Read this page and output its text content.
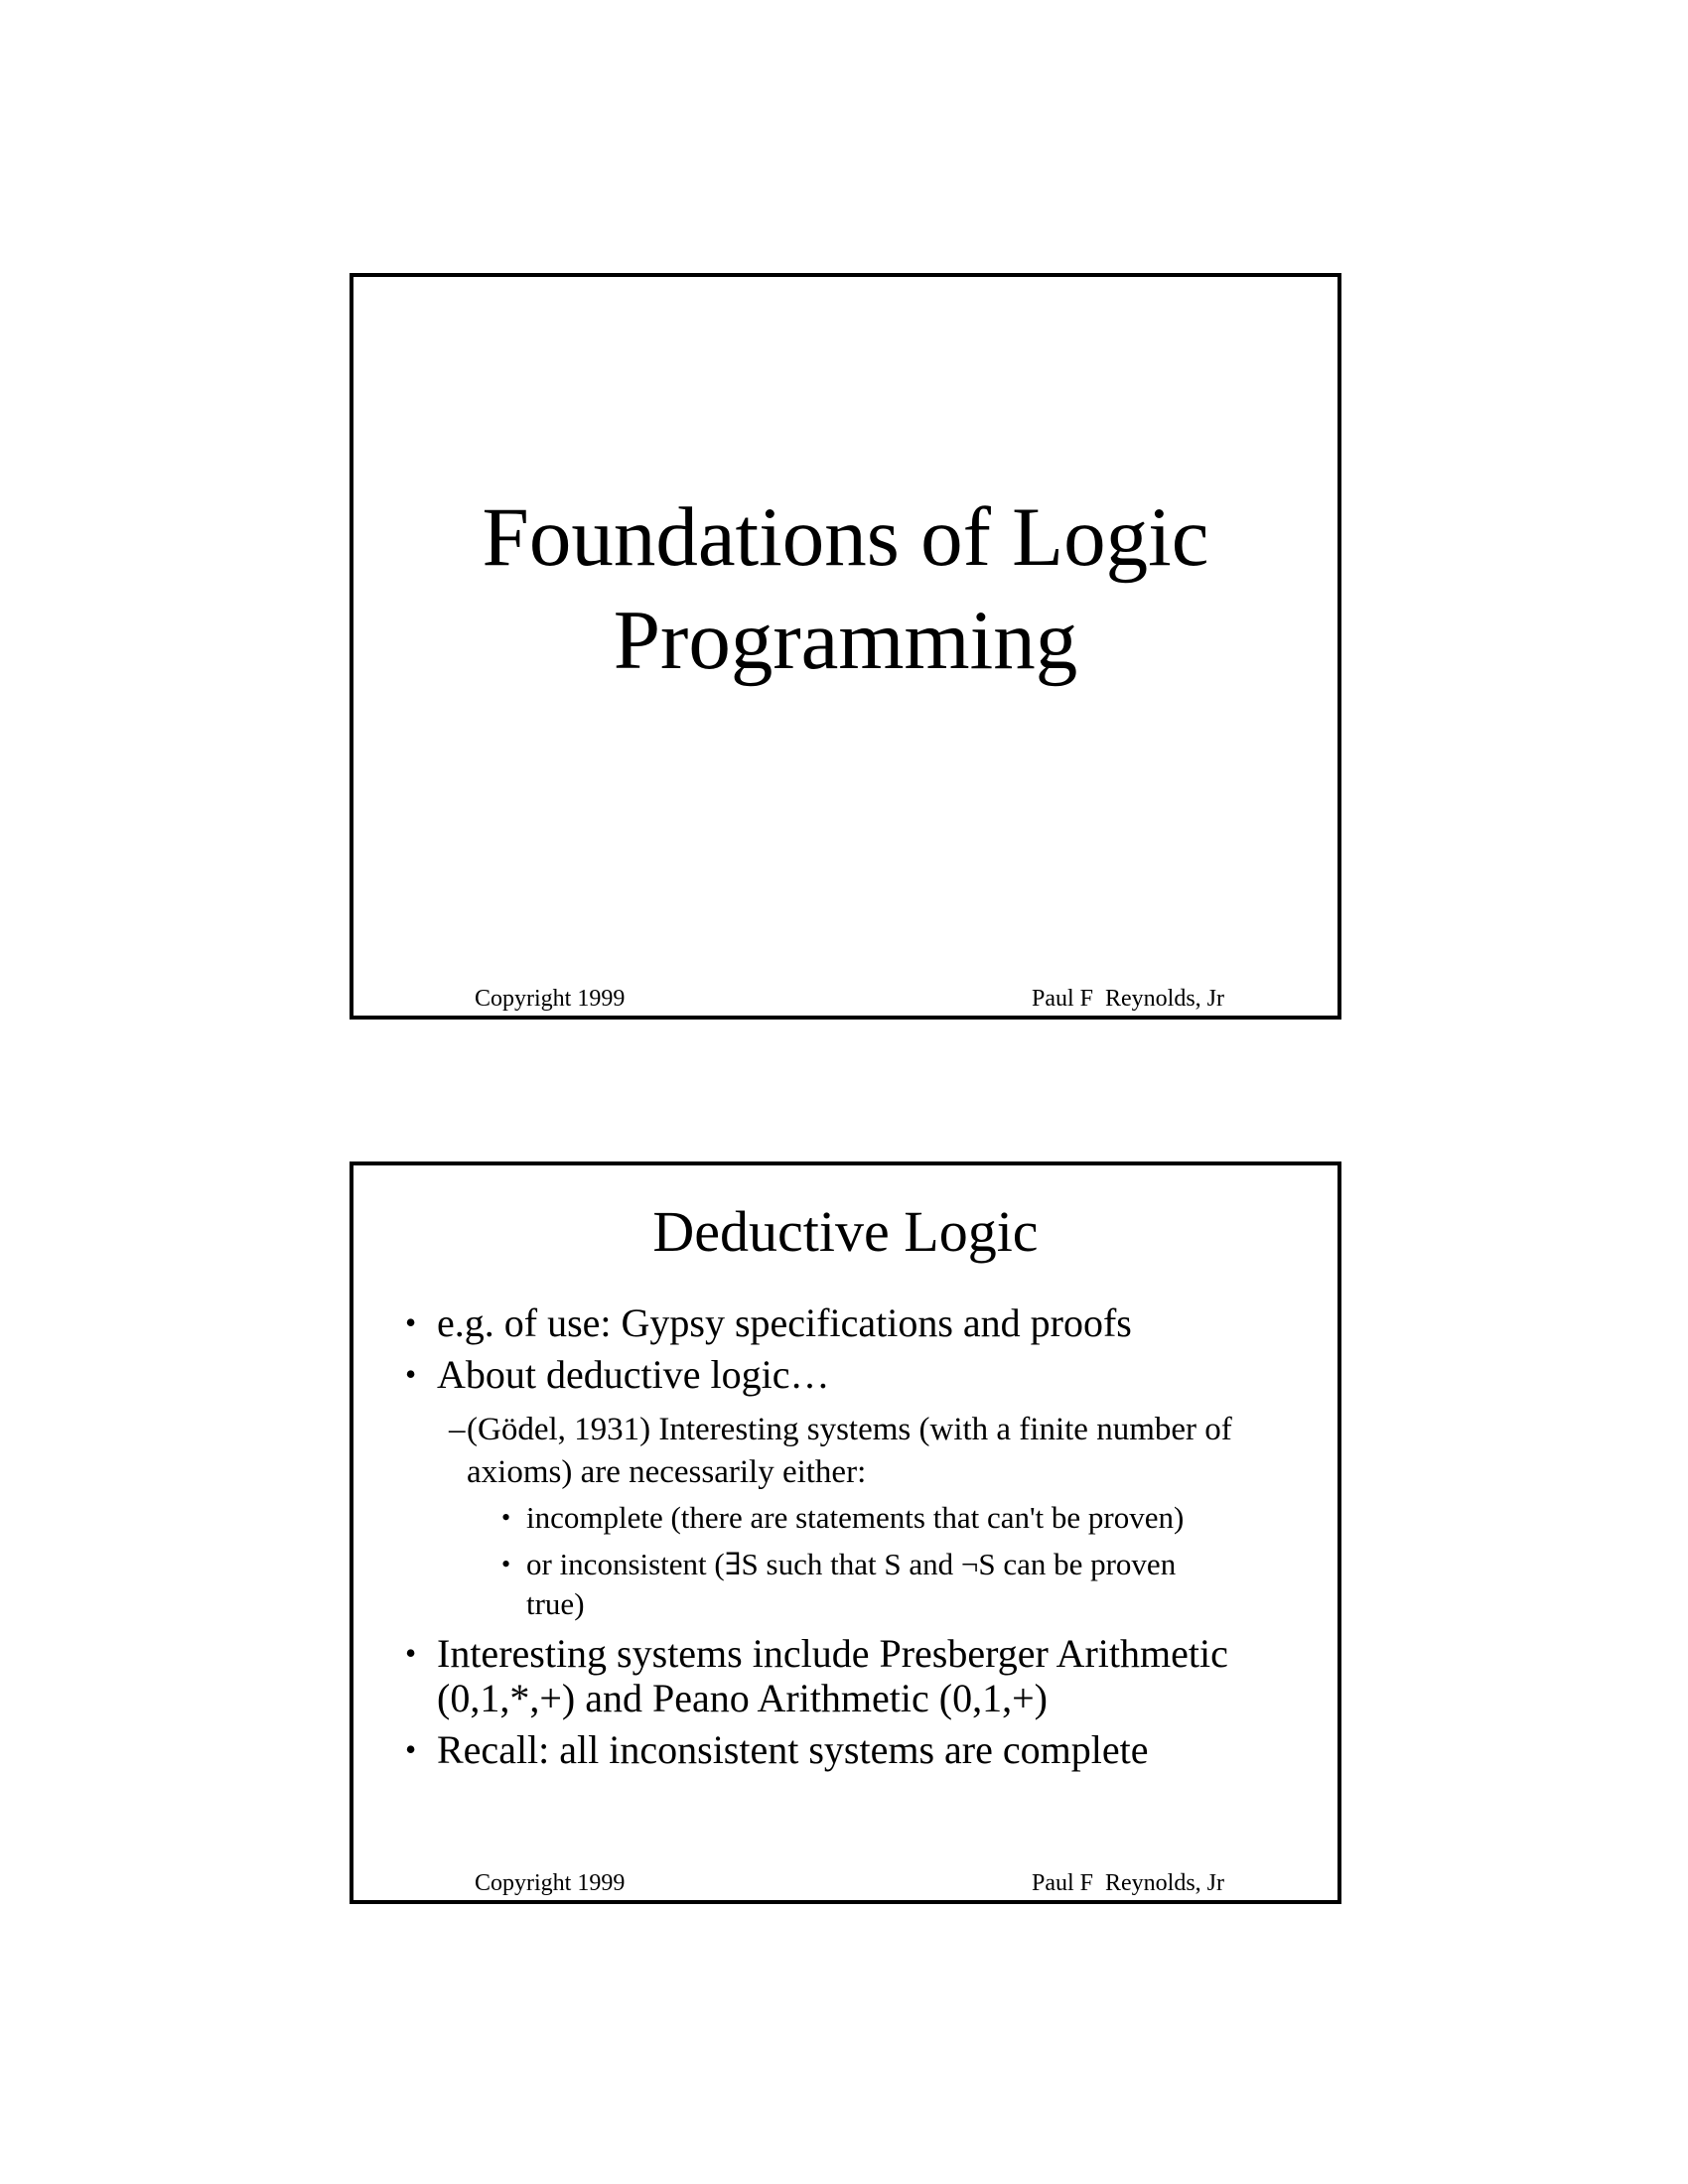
Foundations of Logic
Programming
Copyright 1999	Paul F  Reynolds, Jr
Deductive Logic
• e.g. of use: Gypsy specifications and proofs
• About deductive logic…
– (Gödel, 1931) Interesting systems (with a finite number of
axioms) are necessarily either:
• incomplete (there are statements that can't be proven)
• or inconsistent (∃S such that S and ¬S can be proven
true)
• Interesting systems include Presberger Arithmetic
(0,1,*,+) and Peano Arithmetic (0,1,+)
• Recall: all inconsistent systems are complete
Copyright 1999	Paul F  Reynolds, Jr
